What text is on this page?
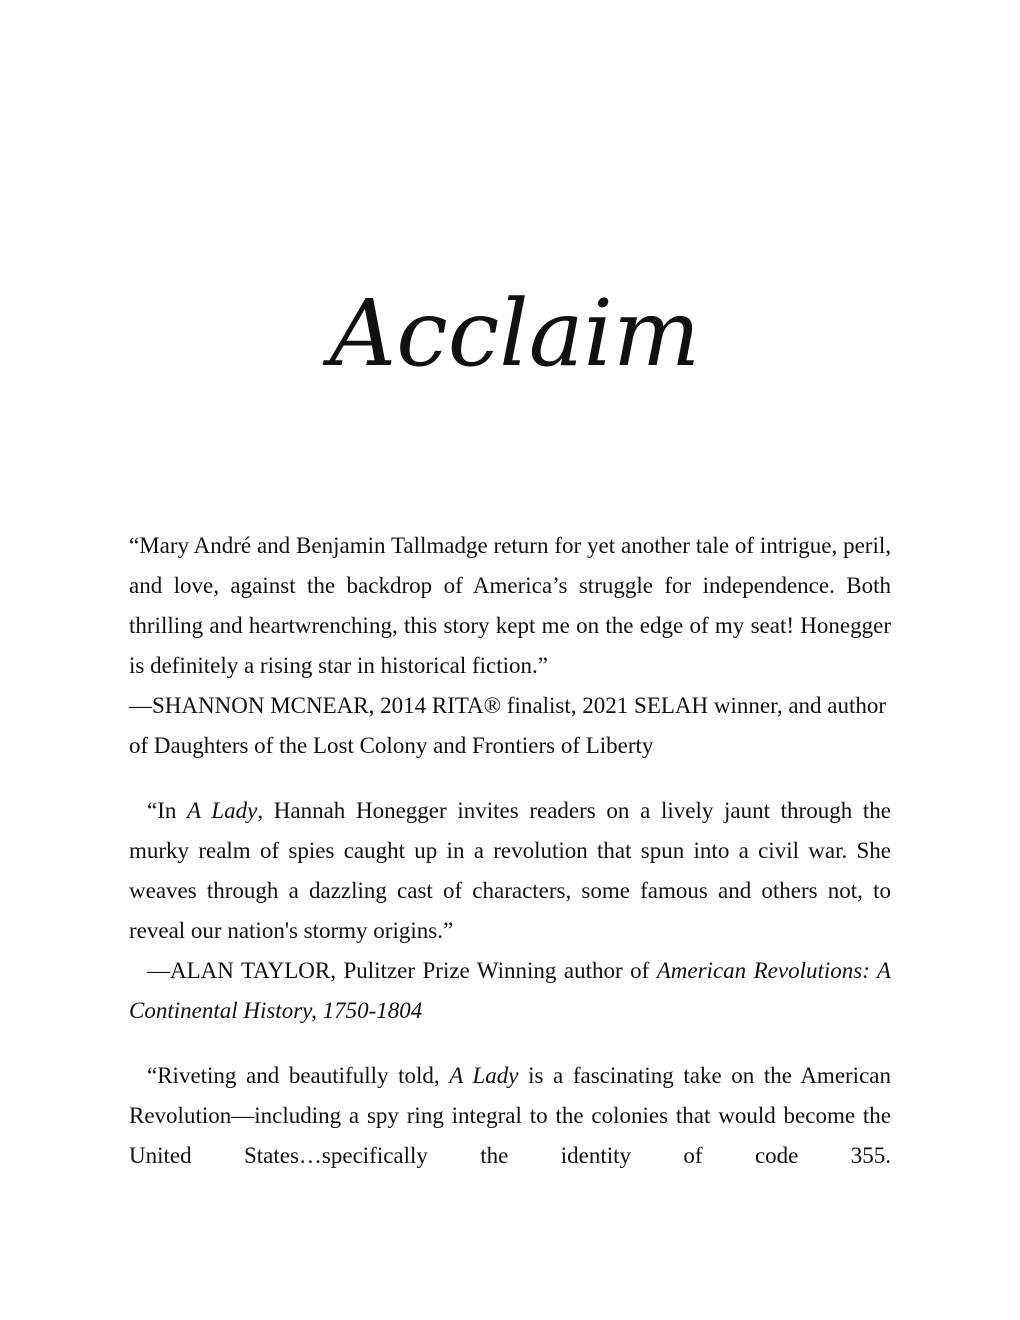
Acclaim

“Mary André and Benjamin Tallmadge return for yet another tale of intrigue, peril, and love, against the backdrop of America’s struggle for independence. Both thrilling and heartwrenching, this story kept me on the edge of my seat! Honegger is definitely a rising star in historical fiction.”

—SHANNON MCNEAR, 2014 RITA® finalist, 2021 SELAH winner, and author of Daughters of the Lost Colony and Frontiers of Liberty

“In A Lady, Hannah Honegger invites readers on a lively jaunt through the murky realm of spies caught up in a revolution that spun into a civil war. She weaves through a dazzling cast of characters, some famous and others not, to reveal our nation's stormy origins.”

—ALAN TAYLOR, Pulitzer Prize Winning author of American Revolutions: A Continental History, 1750-1804

“Riveting and beautifully told, A Lady is a fascinating take on the American Revolution—including a spy ring integral to the colonies that would become the United States…specifically the identity of code 355.
